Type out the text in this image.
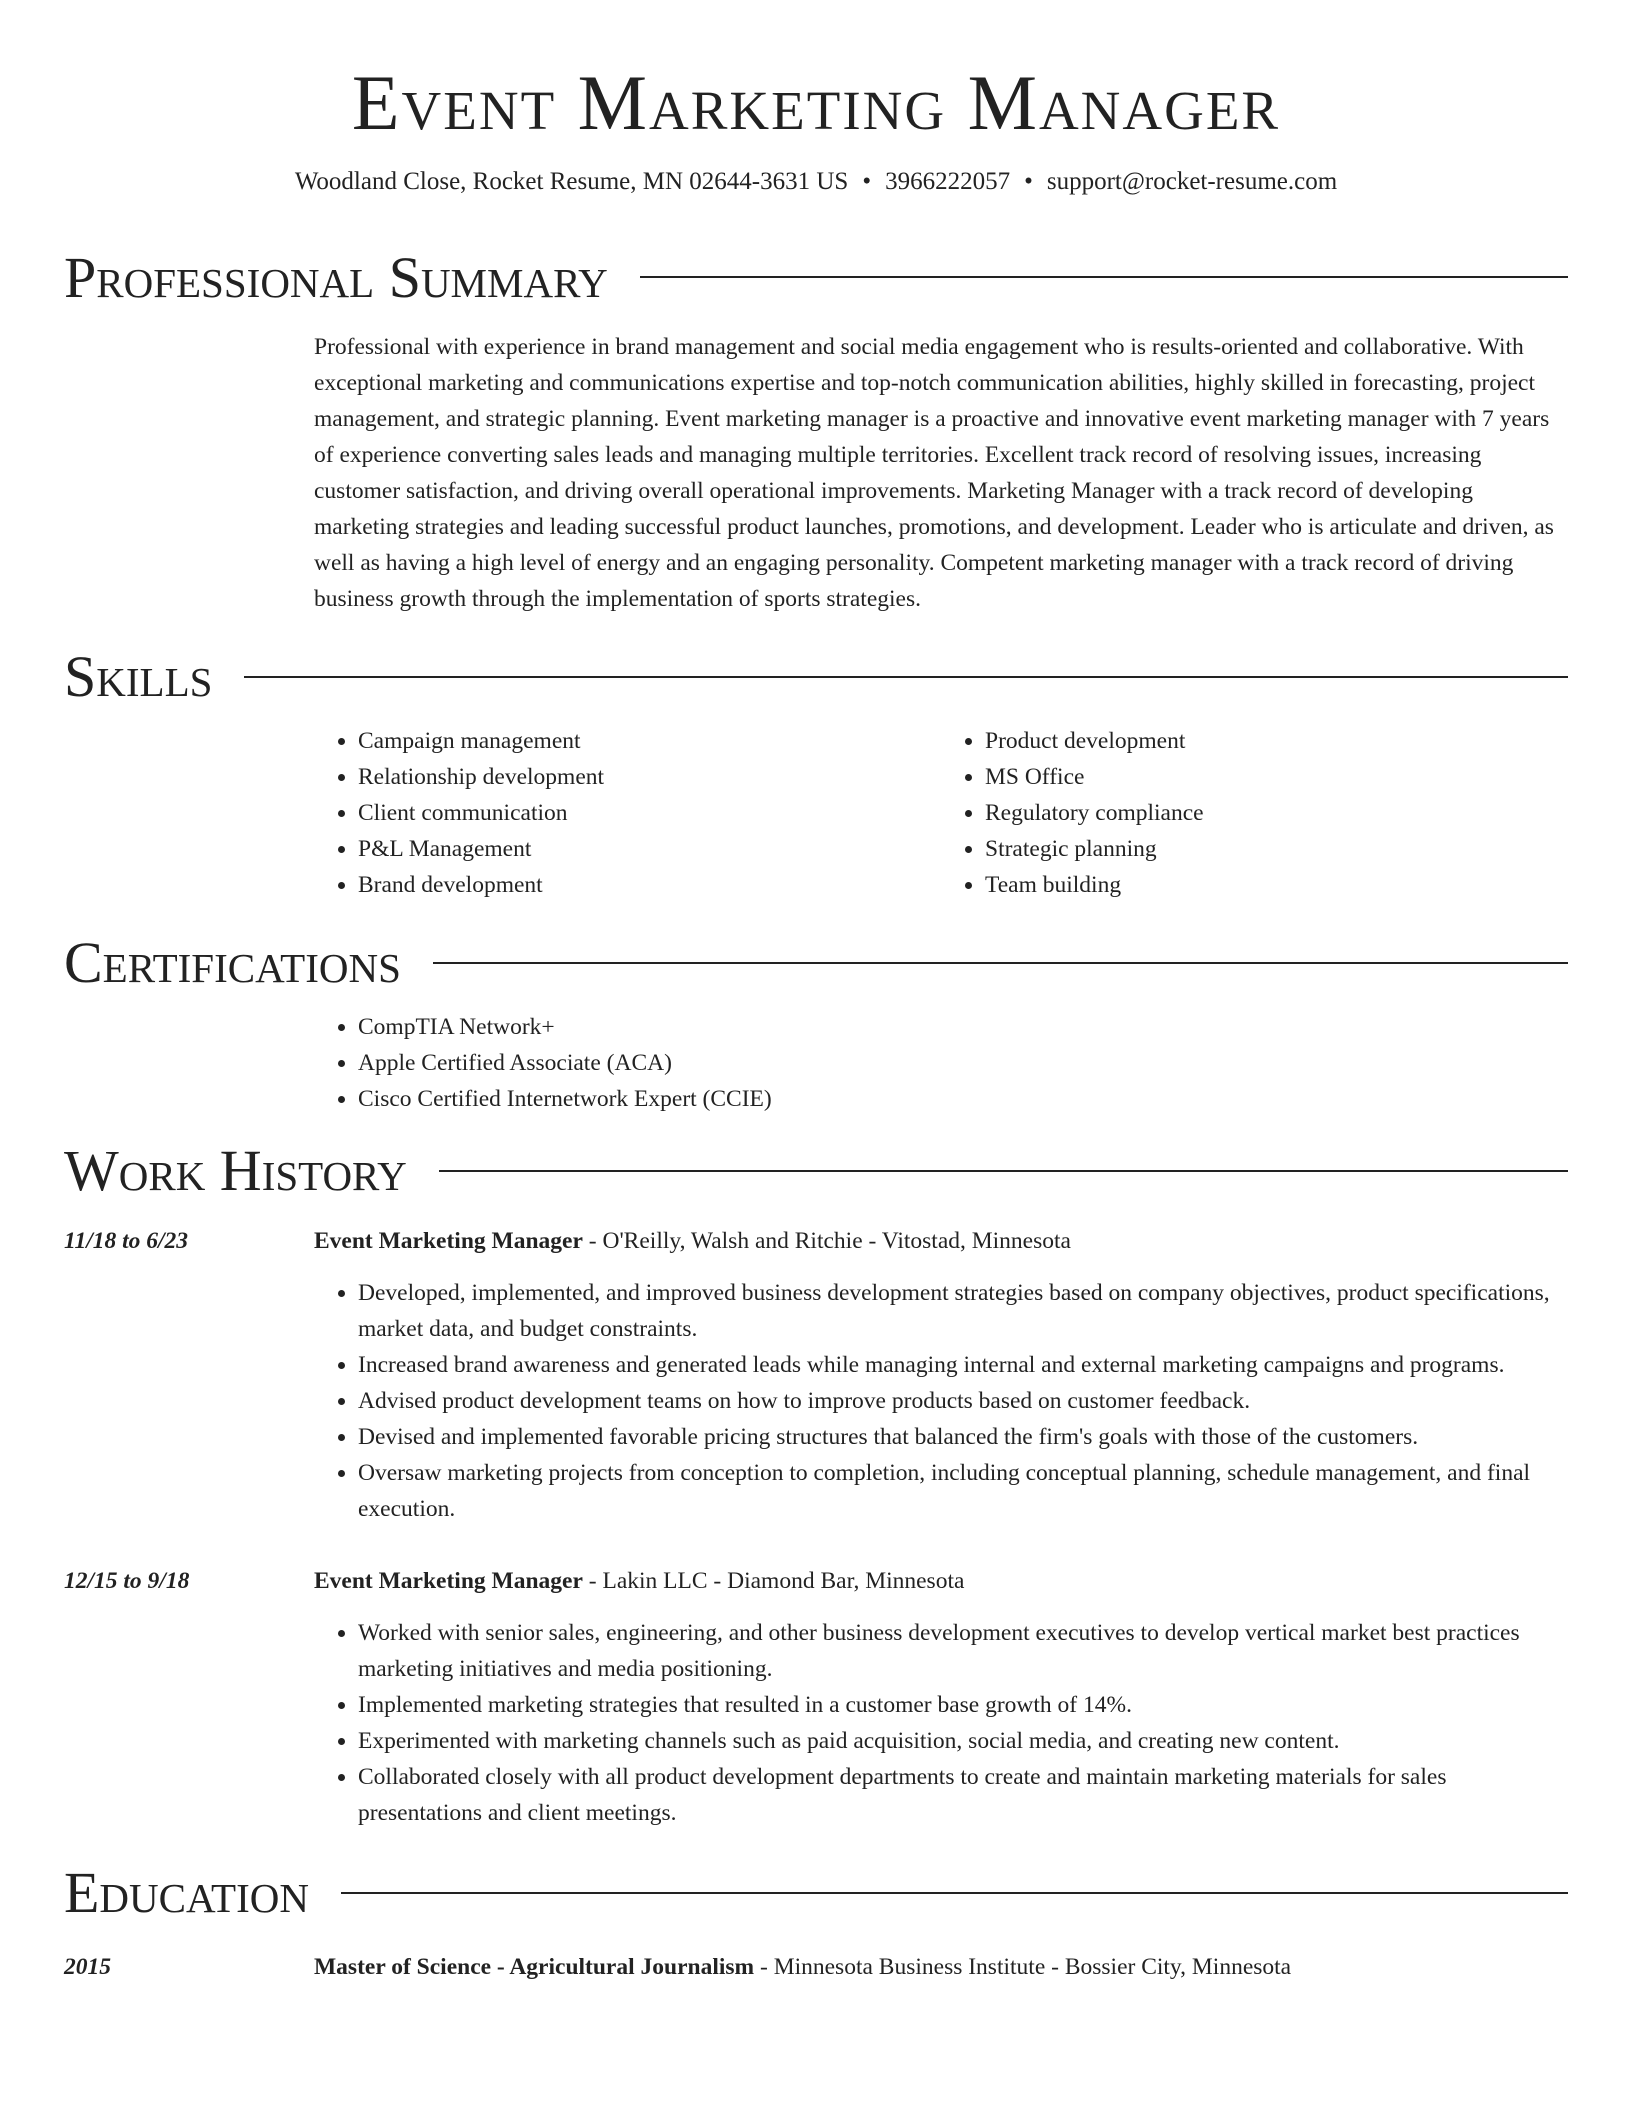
Event Marketing Manager
Woodland Close, Rocket Resume, MN 02644-3631 US • 3966222057 • support@rocket-resume.com
Professional Summary
Professional with experience in brand management and social media engagement who is results-oriented and collaborative. With exceptional marketing and communications expertise and top-notch communication abilities, highly skilled in forecasting, project management, and strategic planning. Event marketing manager is a proactive and innovative event marketing manager with 7 years of experience converting sales leads and managing multiple territories. Excellent track record of resolving issues, increasing customer satisfaction, and driving overall operational improvements. Marketing Manager with a track record of developing marketing strategies and leading successful product launches, promotions, and development. Leader who is articulate and driven, as well as having a high level of energy and an engaging personality. Competent marketing manager with a track record of driving business growth through the implementation of sports strategies.
Skills
• Campaign management
• Relationship development
• Client communication
• P&L Management
• Brand development
• Product development
• MS Office
• Regulatory compliance
• Strategic planning
• Team building
Certifications
• CompTIA Network+
• Apple Certified Associate (ACA)
• Cisco Certified Internetwork Expert (CCIE)
Work History
11/18 to 6/23	Event Marketing Manager - O'Reilly, Walsh and Ritchie - Vitostad, Minnesota
• Developed, implemented, and improved business development strategies based on company objectives, product specifications, market data, and budget constraints.
• Increased brand awareness and generated leads while managing internal and external marketing campaigns and programs.
• Advised product development teams on how to improve products based on customer feedback.
• Devised and implemented favorable pricing structures that balanced the firm's goals with those of the customers.
• Oversaw marketing projects from conception to completion, including conceptual planning, schedule management, and final execution.
12/15 to 9/18	Event Marketing Manager - Lakin LLC - Diamond Bar, Minnesota
• Worked with senior sales, engineering, and other business development executives to develop vertical market best practices marketing initiatives and media positioning.
• Implemented marketing strategies that resulted in a customer base growth of 14%.
• Experimented with marketing channels such as paid acquisition, social media, and creating new content.
• Collaborated closely with all product development departments to create and maintain marketing materials for sales presentations and client meetings.
Education
2015	Master of Science - Agricultural Journalism - Minnesota Business Institute - Bossier City, Minnesota
